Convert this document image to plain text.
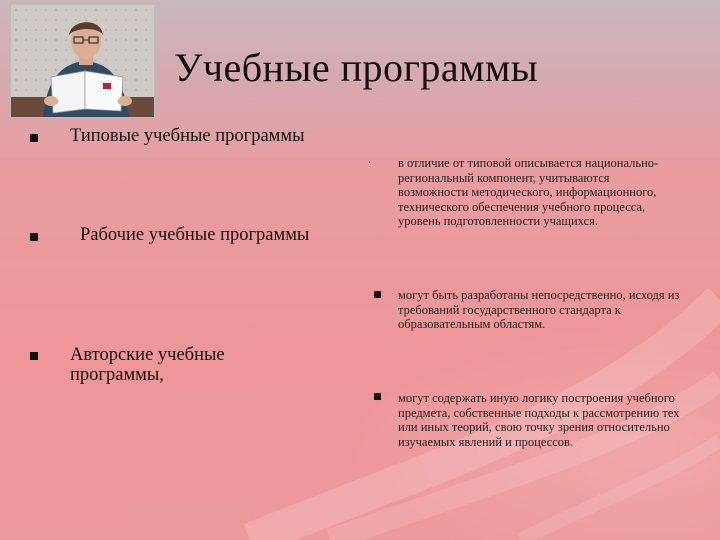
Учебные программы
Типовые учебные программы
Рабочие учебные программы
Авторские учебные программы,
. в отличие от типовой описывается национально-региональный компонент, учитываются возможности методического, информационного, технического обеспечения учебного процесса, уровень подготовленности учащихся.
могут быть разработаны непосредственно, исходя из требований государственного стандарта к образовательным областям.
могут содержать иную логику построения учебного предмета, собственные подходы к рассмотрению тех или иных теорий, свою точку зрения относительно изучаемых явлений и процессов.
